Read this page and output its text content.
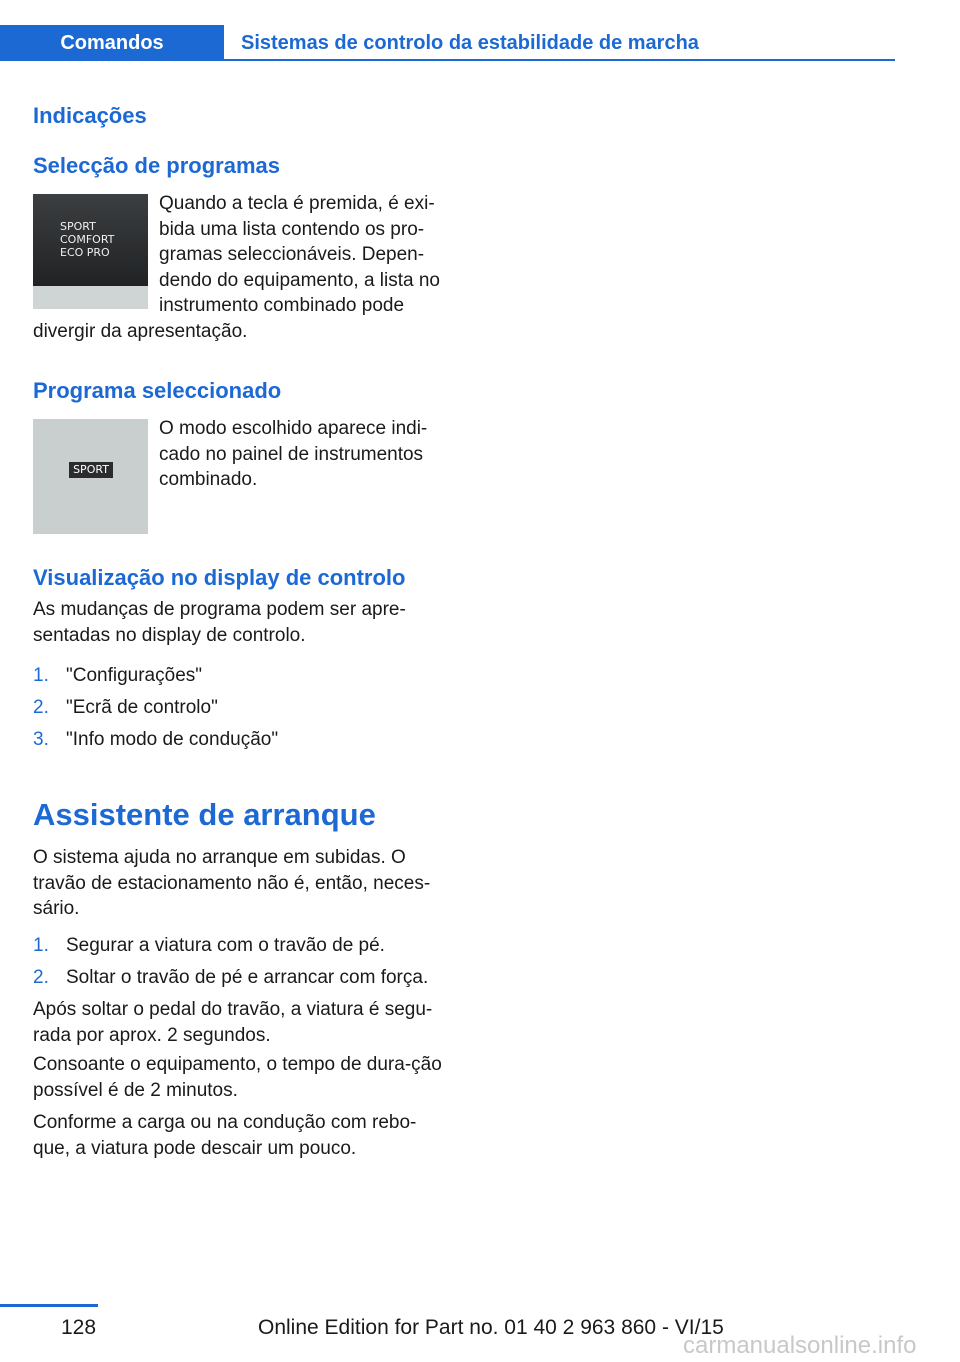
Comandos	Sistemas de controlo da estabilidade de marcha
Indicações
Selecção de programas
SPORT
COMFORT
ECO PRO
Quando a tecla é premida, é exi-bida uma lista contendo os pro-gramas seleccionáveis. Depen-dendo do equipamento, a lista no instrumento combinado pode divergir da apresentação.
Programa seleccionado
SPORT
O modo escolhido aparece indi-cado no painel de instrumentos combinado.
Visualização no display de controlo

As mudanças de programa podem ser apre-sentadas no display de controlo.

1. "Configurações"
2. "Ecrã de controlo"
3. "Info modo de condução"
Assistente de arranque

O sistema ajuda no arranque em subidas. O travão de estacionamento não é, então, neces-sário.

1. Segurar a viatura com o travão de pé.
2. Soltar o travão de pé e arrancar com força.

Após soltar o pedal do travão, a viatura é segu-rada por aprox. 2 segundos.

Consoante o equipamento, o tempo de dura-ção possível é de 2 minutos.

Conforme a carga ou na condução com rebo-que, a viatura pode descair um pouco.

128	Online Edition for Part no. 01 40 2 963 860 - VI/15
carmanualsonline.info
